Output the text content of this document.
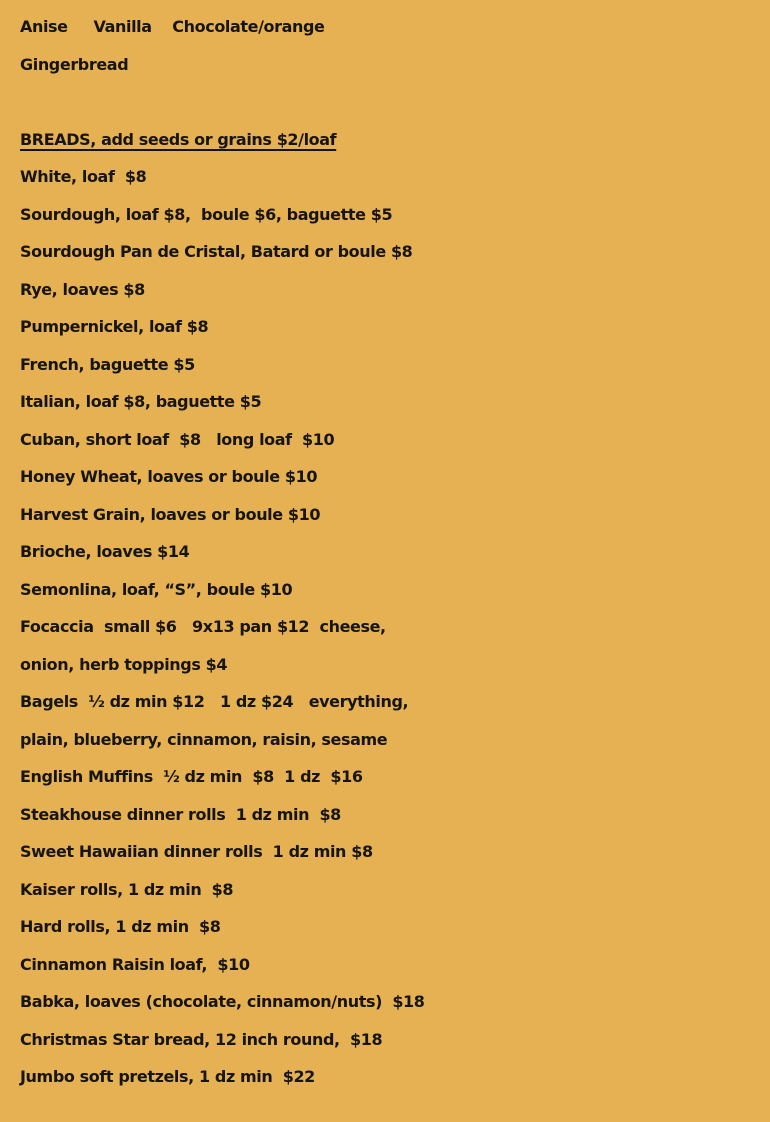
Anise     Vanilla    Chocolate/orange
Gingerbread
BREADS, add seeds or grains $2/loaf
White, loaf  $8
Sourdough, loaf $8,  boule $6, baguette $5
Sourdough Pan de Cristal, Batard or boule $8
Rye, loaves $8
Pumpernickel, loaf $8
French, baguette $5
Italian, loaf $8, baguette $5
Cuban, short loaf  $8   long loaf  $10
Honey Wheat, loaves or boule $10
Harvest Grain, loaves or boule $10
Brioche, loaves $14
Semonlina, loaf, “S”, boule $10
Focaccia  small $6   9x13 pan $12  cheese,
onion, herb toppings $4
Bagels  ½ dz min $12   1 dz $24   everything,
plain, blueberry, cinnamon, raisin, sesame
English Muffins  ½ dz min  $8  1 dz  $16
Steakhouse dinner rolls  1 dz min  $8
Sweet Hawaiian dinner rolls  1 dz min $8
Kaiser rolls, 1 dz min  $8
Hard rolls, 1 dz min  $8
Cinnamon Raisin loaf,  $10
Babka, loaves (chocolate, cinnamon/nuts)  $18
Christmas Star bread, 12 inch round,  $18
Jumbo soft pretzels, 1 dz min  $22
